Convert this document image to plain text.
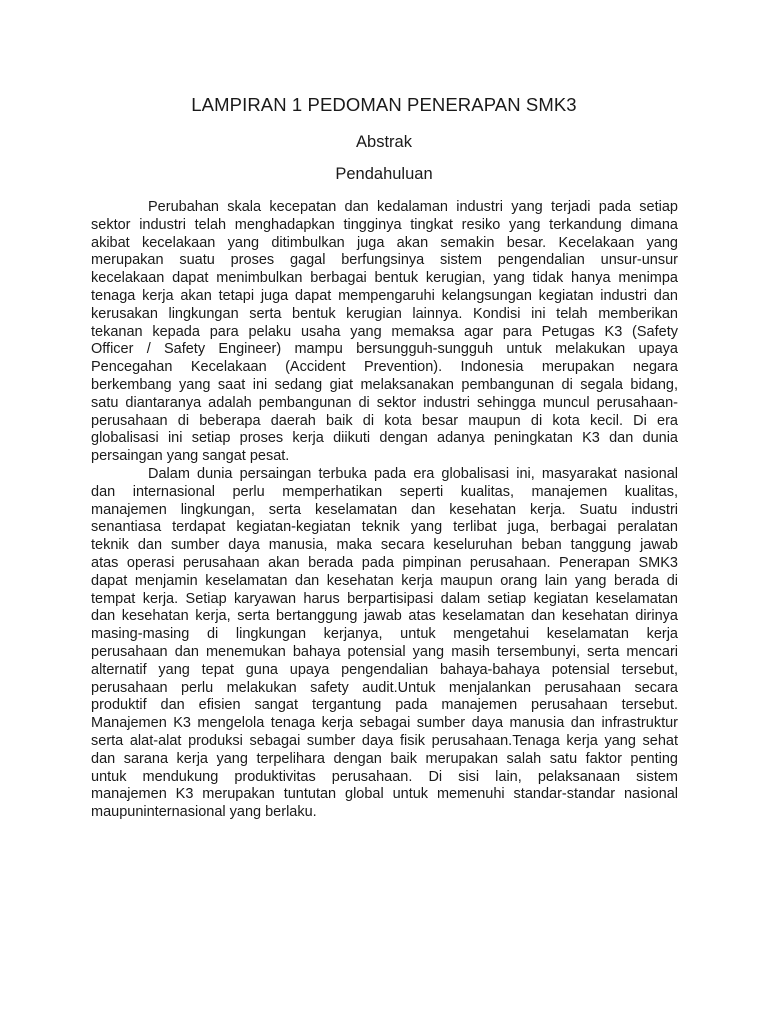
LAMPIRAN 1 PEDOMAN PENERAPAN SMK3
Abstrak
Pendahuluan
Perubahan skala kecepatan dan kedalaman industri yang terjadi pada setiap
sektor industri telah menghadapkan tingginya tingkat resiko yang terkandung dimana
akibat kecelakaan yang ditimbulkan juga akan semakin besar. Kecelakaan yang
merupakan suatu proses gagal berfungsinya sistem pengendalian unsur-unsur
kecelakaan dapat menimbulkan berbagai bentuk kerugian, yang tidak hanya menimpa
tenaga kerja akan tetapi juga dapat mempengaruhi kelangsungan kegiatan industri dan
kerusakan lingkungan serta bentuk kerugian lainnya. Kondisi ini telah memberikan
tekanan kepada para pelaku usaha yang memaksa agar para Petugas K3 (Safety
Officer / Safety Engineer) mampu bersungguh-sungguh untuk melakukan upaya
Pencegahan Kecelakaan (Accident Prevention). Indonesia merupakan negara
berkembang yang saat ini sedang giat melaksanakan pembangunan di segala bidang,
satu diantaranya adalah pembangunan di sektor industri sehingga muncul perusahaan-
perusahaan di beberapa daerah baik di kota besar maupun di kota kecil. Di era
globalisasi ini setiap proses kerja diikuti dengan adanya peningkatan K3 dan dunia
persaingan yang sangat pesat.
Dalam dunia persaingan terbuka pada era globalisasi ini, masyarakat nasional
dan internasional perlu memperhatikan seperti kualitas, manajemen kualitas,
manajemen lingkungan, serta keselamatan dan kesehatan kerja. Suatu industri
senantiasa terdapat kegiatan-kegiatan teknik yang terlibat juga, berbagai peralatan
teknik dan sumber daya manusia, maka secara keseluruhan beban tanggung jawab
atas operasi perusahaan akan berada pada pimpinan perusahaan. Penerapan SMK3
dapat menjamin keselamatan dan kesehatan kerja maupun orang lain yang berada di
tempat kerja. Setiap karyawan harus berpartisipasi dalam setiap kegiatan keselamatan
dan kesehatan kerja, serta bertanggung jawab atas keselamatan dan kesehatan dirinya
masing-masing di lingkungan kerjanya, untuk mengetahui keselamatan kerja
perusahaan dan menemukan bahaya potensial yang masih tersembunyi, serta mencari
alternatif yang tepat guna upaya pengendalian bahaya-bahaya potensial tersebut,
perusahaan perlu melakukan safety audit.Untuk menjalankan perusahaan secara
produktif dan efisien sangat tergantung pada manajemen perusahaan tersebut.
Manajemen K3 mengelola tenaga kerja sebagai sumber daya manusia dan infrastruktur
serta alat-alat produksi sebagai sumber daya fisik perusahaan.Tenaga kerja yang sehat
dan sarana kerja yang terpelihara dengan baik merupakan salah satu faktor penting
untuk mendukung produktivitas perusahaan. Di sisi lain, pelaksanaan sistem
manajemen K3 merupakan tuntutan global untuk memenuhi standar-standar nasional
maupuninternasional yang berlaku.
